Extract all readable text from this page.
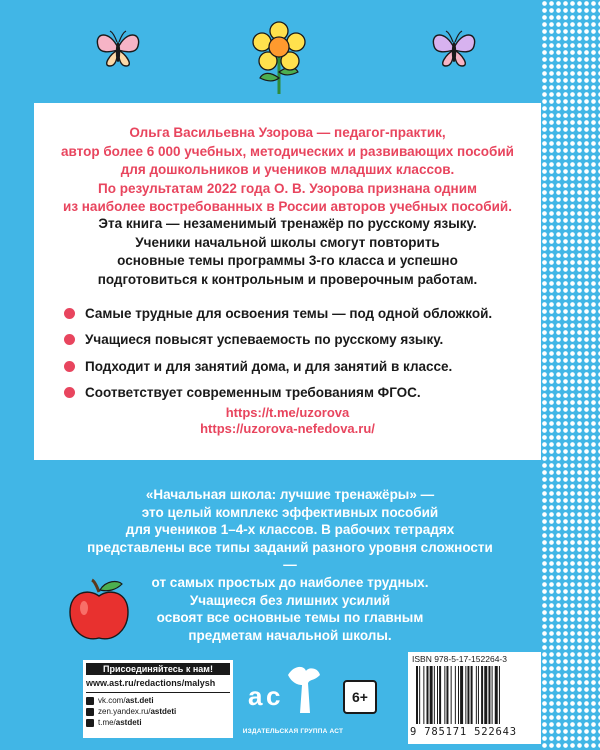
Ольга Васильевна Узорова — педагог-практик,
автор более 6 000 учебных, методических и развивающих пособий
для дошкольников и учеников младших классов.
По результатам 2022 года О. В. Узорова признана одним
из наиболее востребованных в России авторов учебных пособий.
Эта книга — незаменимый тренажёр по русскому языку.
Ученики начальной школы смогут повторить
основные темы программы 3-го класса и успешно
подготовиться к контрольным и проверочным работам.
Самые трудные для освоения темы — под одной обложкой.
Учащиеся повысят успеваемость по русскому языку.
Подходит и для занятий дома, и для занятий в классе.
Соответствует современным требованиям ФГОС.
https://t.me/uzorova
https://uzorova-nefedova.ru/
«Начальная школа: лучшие тренажёры» —
это целый комплекс эффективных пособий
для учеников 1–4-х классов. В рабочих тетрадях
представлены все типы заданий разного уровня сложности —
от самых простых до наиболее трудных.
Учащиеся без лишних усилий
освоят все основные темы по главным
предметам начальной школы.
Присоединяйтесь к нам!
www.ast.ru/redactions/malysh
vk.com/ ast.deti
zen.yandex.ru/ astdeti
t.me/ astdeti
а с
ИЗДАТЕЛЬСКАЯ ГРУППА АСТ
6+
ISBN 978-5-17-152264-3
9 785171 522643
